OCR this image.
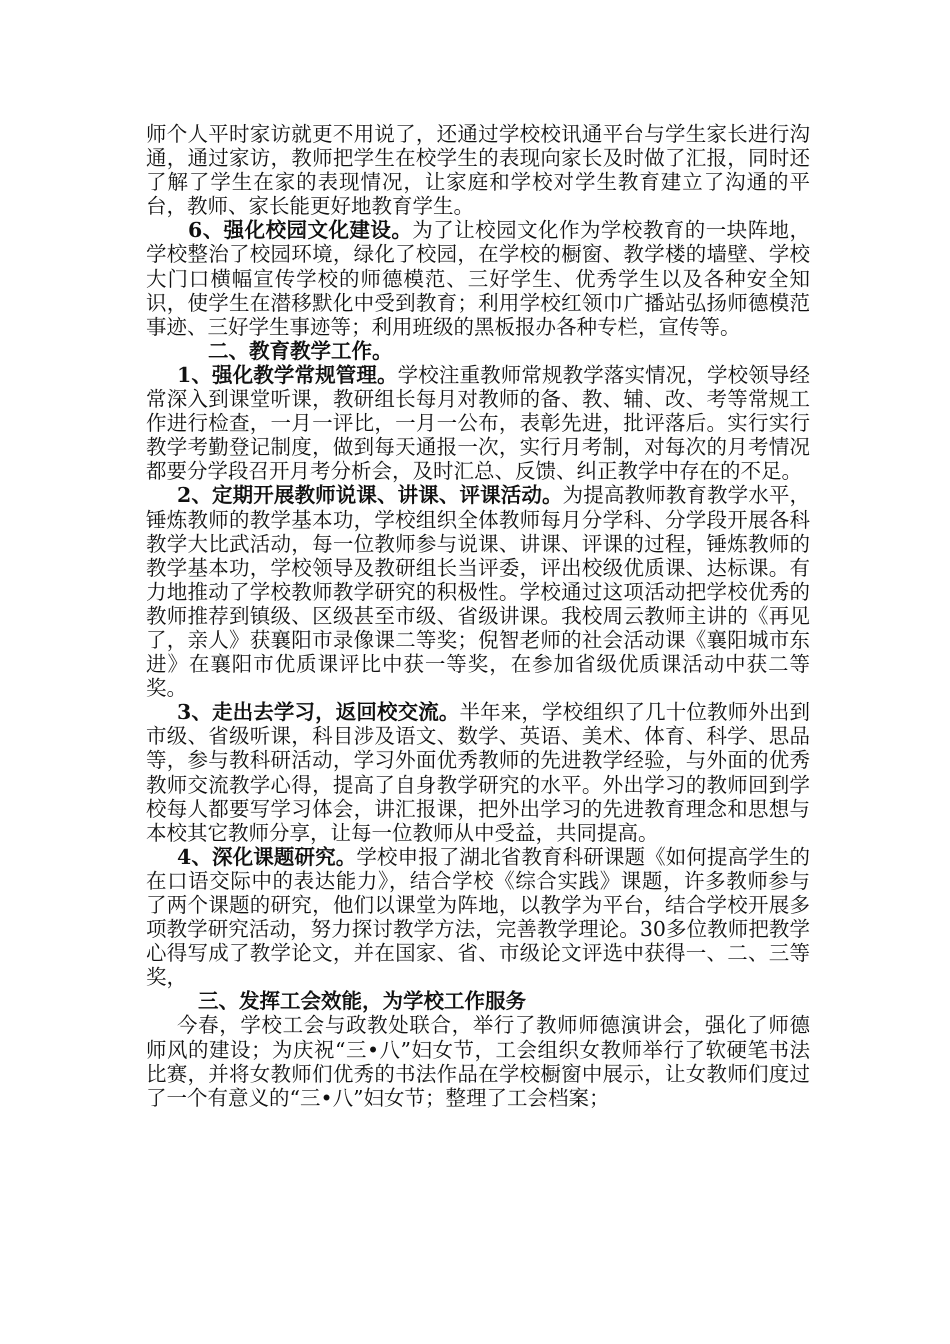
师个人平时家访就更不用说了，还通过学校校讯通平台与学生家长进行沟通，通过家访，教师把学生在校学生的表现向家长及时做了汇报，同时还了解了学生在家的表现情况，让家庭和学校对学生教育建立了沟通的平台，教师、家长能更好地教育学生。

6、强化校园文化建设。为了让校园文化作为学校教育的一块阵地，学校整治了校园环境，绿化了校园，在学校的橱窗、教学楼的墙壁、学校大门口横幅宣传学校的师德模范、三好学生、优秀学生以及各种安全知识，使学生在潜移默化中受到教育；利用学校红领巾广播站弘扬师德模范事迹、三好学生事迹等；利用班级的黑板报办各种专栏，宣传等。

二、教育教学工作。

1、强化教学常规管理。学校注重教师常规教学落实情况，学校领导经常深入到课堂听课，教研组长每月对教师的备、教、辅、改、考等常规工作进行检查，一月一评比，一月一公布，表彰先进，批评落后。实行实行教学考勤登记制度，做到每天通报一次，实行月考制，对每次的月考情况都要分学段召开月考分析会，及时汇总、反馈、纠正教学中存在的不足。

2、定期开展教师说课、讲课、评课活动。为提高教师教育教学水平，锤炼教师的教学基本功，学校组织全体教师每月分学科、分学段开展各科教学大比武活动，每一位教师参与说课、讲课、评课的过程，锤炼教师的教学基本功，学校领导及教研组长当评委，评出校级优质课、达标课。有力地推动了学校教师教学研究的积极性。学校通过这项活动把学校优秀的教师推荐到镇级、区级甚至市级、省级讲课。我校周云教师主讲的《再见了，亲人》获襄阳市录像课二等奖；倪智老师的社会活动课《襄阳城市东进》在襄阳市优质课评比中获一等奖，在参加省级优质课活动中获二等奖。

3、走出去学习，返回校交流。半年来，学校组织了几十位教师外出到市级、省级听课，科目涉及语文、数学、英语、美术、体育、科学、思品等，参与教科研活动，学习外面优秀教师的先进教学经验，与外面的优秀教师交流教学心得，提高了自身教学研究的水平。外出学习的教师回到学校每人都要写学习体会，讲汇报课，把外出学习的先进教育理念和思想与本校其它教师分享，让每一位教师从中受益，共同提高。

4、深化课题研究。学校申报了湖北省教育科研课题《如何提高学生的在口语交际中的表达能力》，结合学校《综合实践》课题，许多教师参与了两个课题的研究，他们以课堂为阵地，以教学为平台，结合学校开展多项教学研究活动，努力探讨教学方法，完善教学理论。30多位教师把教学心得写成了教学论文，并在国家、省、市级论文评选中获得一、二、三等奖，

三、发挥工会效能，为学校工作服务

今春，学校工会与政教处联合，举行了教师师德演讲会，强化了师德师风的建设；为庆祝“三•八”妇女节，工会组织女教师举行了软硬笔书法比赛，并将女教师们优秀的书法作品在学校橱窗中展示，让女教师们度过了一个有意义的“三•八”妇女节；整理了工会档案；
